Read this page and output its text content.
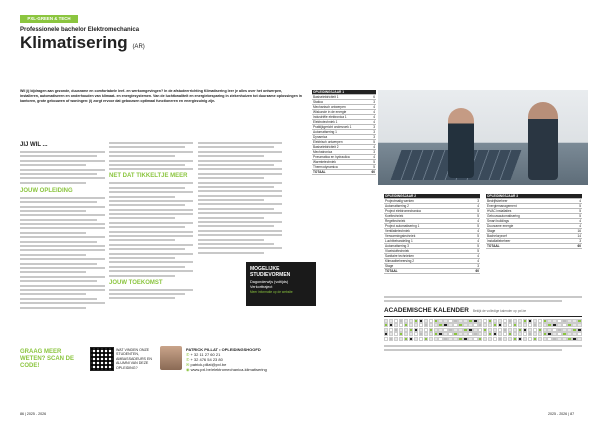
PXL-GREEN & TECH
Professionele bachelor Elektromechanica
Klimatisering (AR)
Wil jij bijdragen aan gezonde, duurzame en comfortabele leef- en werkomgevingen? In de afstudeerrichting Klimatisering leer je alles over het ontwerpen, installeren, automatiseren en onderhouden van klimaat- en energiesystemen. Van de luchtkwaliteit en energiebesparing in ziekenhuizen tot duurzame oplossingen in kantoren, grote gebouwen of woningen: jij zorgt ervoor dat gebouwen optimaal functioneren en energiezuinig zijn.
JIJ WIL ...
JOUW OPLEIDING
NET DAT TIKKELTJE MEER
JOUW TOEKOMST
MOGELIJKE STUDIEVORMEN
Dagonderwijs (voltijds)
Verkorttraject
Meer informatie op de website
GRAAG MEER WETEN? SCAN DE CODE!
WAT VINDEN ONZE STUDENTEN, AMBASSADEURS EN ALUMNI VAN DEZE OPLEIDING?
PATRICK PILLAT • OPLEIDINGSHOOFD
✆ + 32 11 27 60 21
✆ + 32 476 54 23 80
✉ patrick.pillat@pxl.be
◉ www.pxl.be/elektromechanica-klimatisering
86 | 2025 - 2026	2025 - 2026 | 87
OPLEIDINGSJAAR 1	
Basiselektriciteit 1	6
Statica	3
Mechanisch ontwerpen	4
Wiskunde in de energie	4
Industriële elektronica 1	4
Elektrotechniek 1	4
Praktijkgericht onderzoek 1	3
Automatisering 1	3
Dynamica	3
Elektrisch ontwerpen	5
Basiselektriciteit 2	4
Mechatronica	3
Pneumatica en hydraulica	4
Warmtetechniek	5
Thermodynamica	5
TOTAAL	60
OPLEIDINGSJAAR 2	
Projectmatig werken	3
Automatisering 2	4
Project elektromechanica	5
Koeltechniek	5
Regeltechniek	4
Project automatisering 1	5
Ventilatietechniek	4
Verwarmingstechniek	5
Luchtbehandeling 1	4
Automatisering 3	5
Vloeistoftechniek	5
Sanitaire technieken	4
Klimaatbeheersing 2	4
Stage	3
TOTAAL	60
OPLEIDINGSJAAR 3	
Bedrijfsbeheer	4
Energiemanagement	5
HVAC installaties	5
Gebouwautomatisering	5
Smart buildings	4
Duurzame energie	4
Stage	16
Bachelorproef	14
Installatiebeheer	3
TOTAAL	60
ACADEMISCHE KALENDER Bekijk de volledige kalender op pxl.be
